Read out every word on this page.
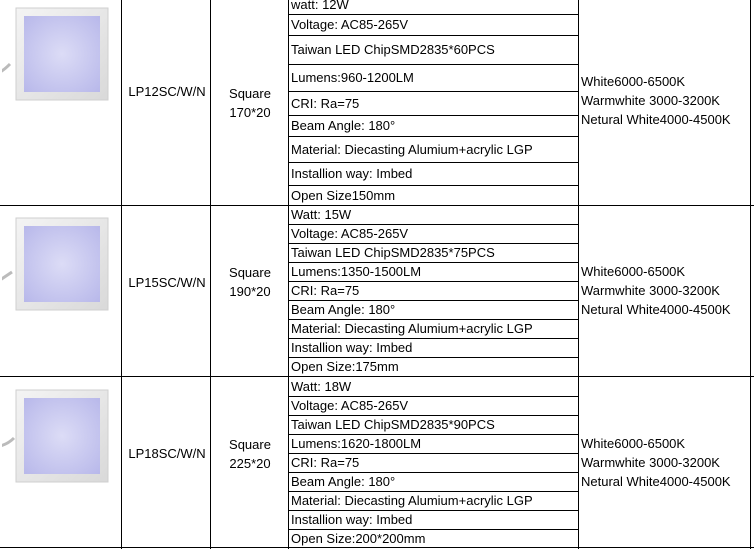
LP12SC/W/N	Square
170*20
watt: 12W
Voltage: AC85-265V
Taiwan LED ChipSMD2835*60PCS
Lumens:960-1200LM
CRI: Ra=75
Beam Angle: 180°
Material: Diecasting Alumium+acrylic LGP
Installion way: Imbed
Open Size150mm
White6000-6500K
Warmwhite 3000-3200K
Netural White4000-4500K
LP15SC/W/N
Square
190*20
Watt: 15W
Voltage: AC85-265V
Taiwan LED ChipSMD2835*75PCS
Lumens:1350-1500LM
CRI: Ra=75
Beam Angle: 180°
Material: Diecasting Alumium+acrylic LGP
Installion way: Imbed
Open Size:175mm
White6000-6500K
Warmwhite 3000-3200K
Netural White4000-4500K
LP18SC/W/N
Square
225*20
Watt: 18W
Voltage: AC85-265V
Taiwan LED ChipSMD2835*90PCS
Lumens:1620-1800LM
CRI: Ra=75
Beam Angle: 180°
Material: Diecasting Alumium+acrylic LGP
Installion way: Imbed
Open Size:200*200mm
White6000-6500K
Warmwhite 3000-3200K
Netural White4000-4500K
